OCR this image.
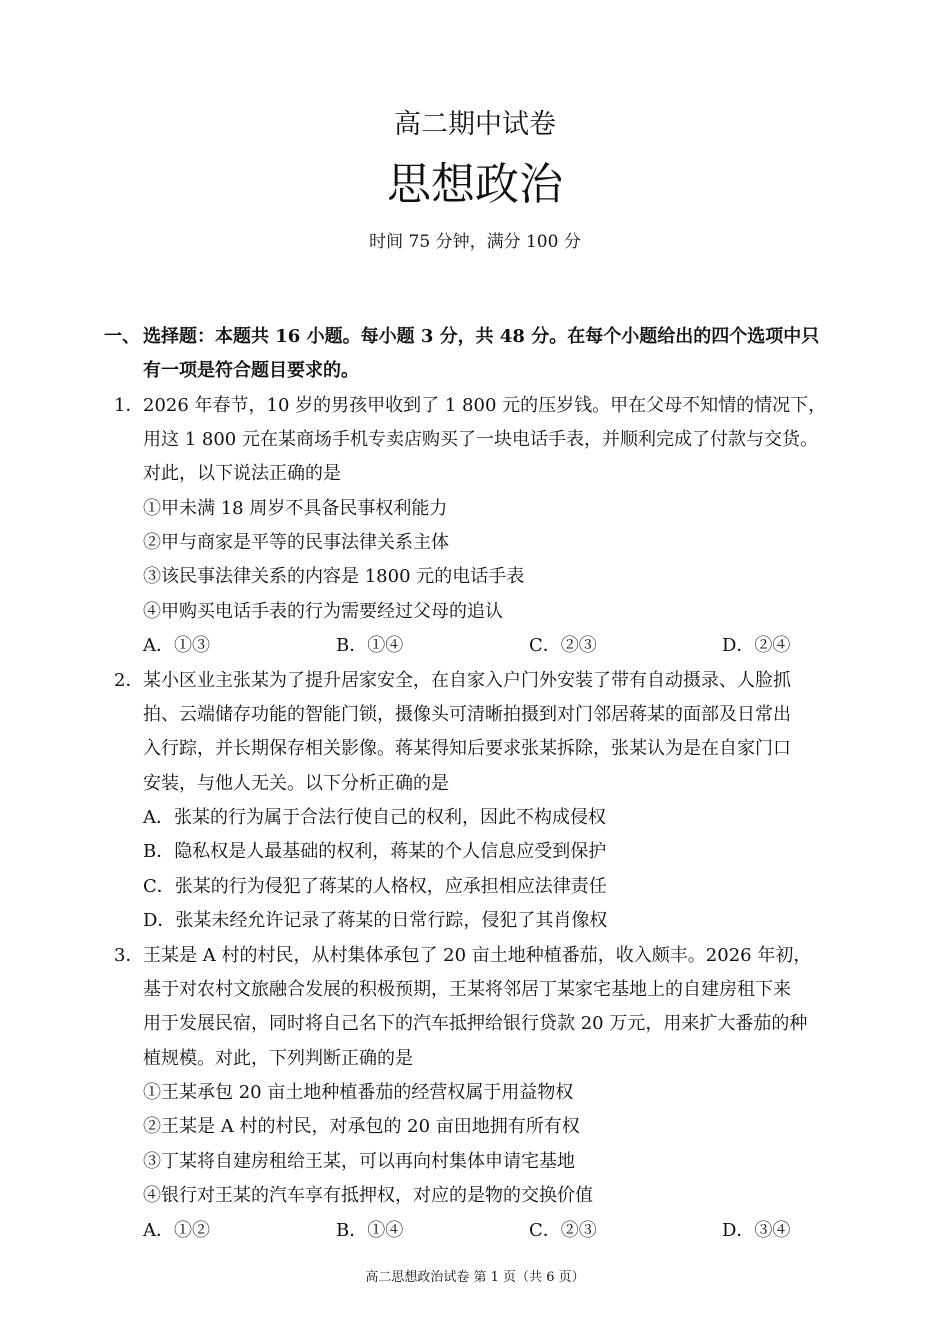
高二期中试卷
思想政治
时间 75 分钟，满分 100 分
一、 选择题：本题共 16 小题。每小题 3 分，共 48 分。在每个小题给出的四个选项中只
有一项是符合题目要求的。
1． 2026 年春节，10 岁的男孩甲收到了 1 800 元的压岁钱。甲在父母不知情的情况下，
用这 1 800 元在某商场手机专卖店购买了一块电话手表，并顺利完成了付款与交货。
对此，以下说法正确的是
①甲未满 18 周岁不具备民事权利能力
②甲与商家是平等的民事法律关系主体
③该民事法律关系的内容是 1800 元的电话手表
④甲购买电话手表的行为需要经过父母的追认
A．①③	B．①④	C．②③	D．②④
2． 某小区业主张某为了提升居家安全，在自家入户门外安装了带有自动摄录、人脸抓
拍、云端储存功能的智能门锁，摄像头可清晰拍摄到对门邻居蒋某的面部及日常出
入行踪，并长期保存相关影像。蒋某得知后要求张某拆除，张某认为是在自家门口
安装，与他人无关。以下分析正确的是
A．张某的行为属于合法行使自己的权利，因此不构成侵权
B．隐私权是人最基础的权利，蒋某的个人信息应受到保护
C．张某的行为侵犯了蒋某的人格权，应承担相应法律责任
D．张某未经允许记录了蒋某的日常行踪，侵犯了其肖像权
3． 王某是 A 村的村民，从村集体承包了 20 亩土地种植番茄，收入颇丰。2026 年初，
基于对农村文旅融合发展的积极预期，王某将邻居丁某家宅基地上的自建房租下来
用于发展民宿，同时将自己名下的汽车抵押给银行贷款 20 万元，用来扩大番茄的种
植规模。对此，下列判断正确的是
①王某承包 20 亩土地种植番茄的经营权属于用益物权
②王某是 A 村的村民，对承包的 20 亩田地拥有所有权
③丁某将自建房租给王某，可以再向村集体申请宅基地
④银行对王某的汽车享有抵押权，对应的是物的交换价值
A．①②	B．①④	C．②③	D．③④
高二思想政治试卷 第 1 页（共 6 页）
